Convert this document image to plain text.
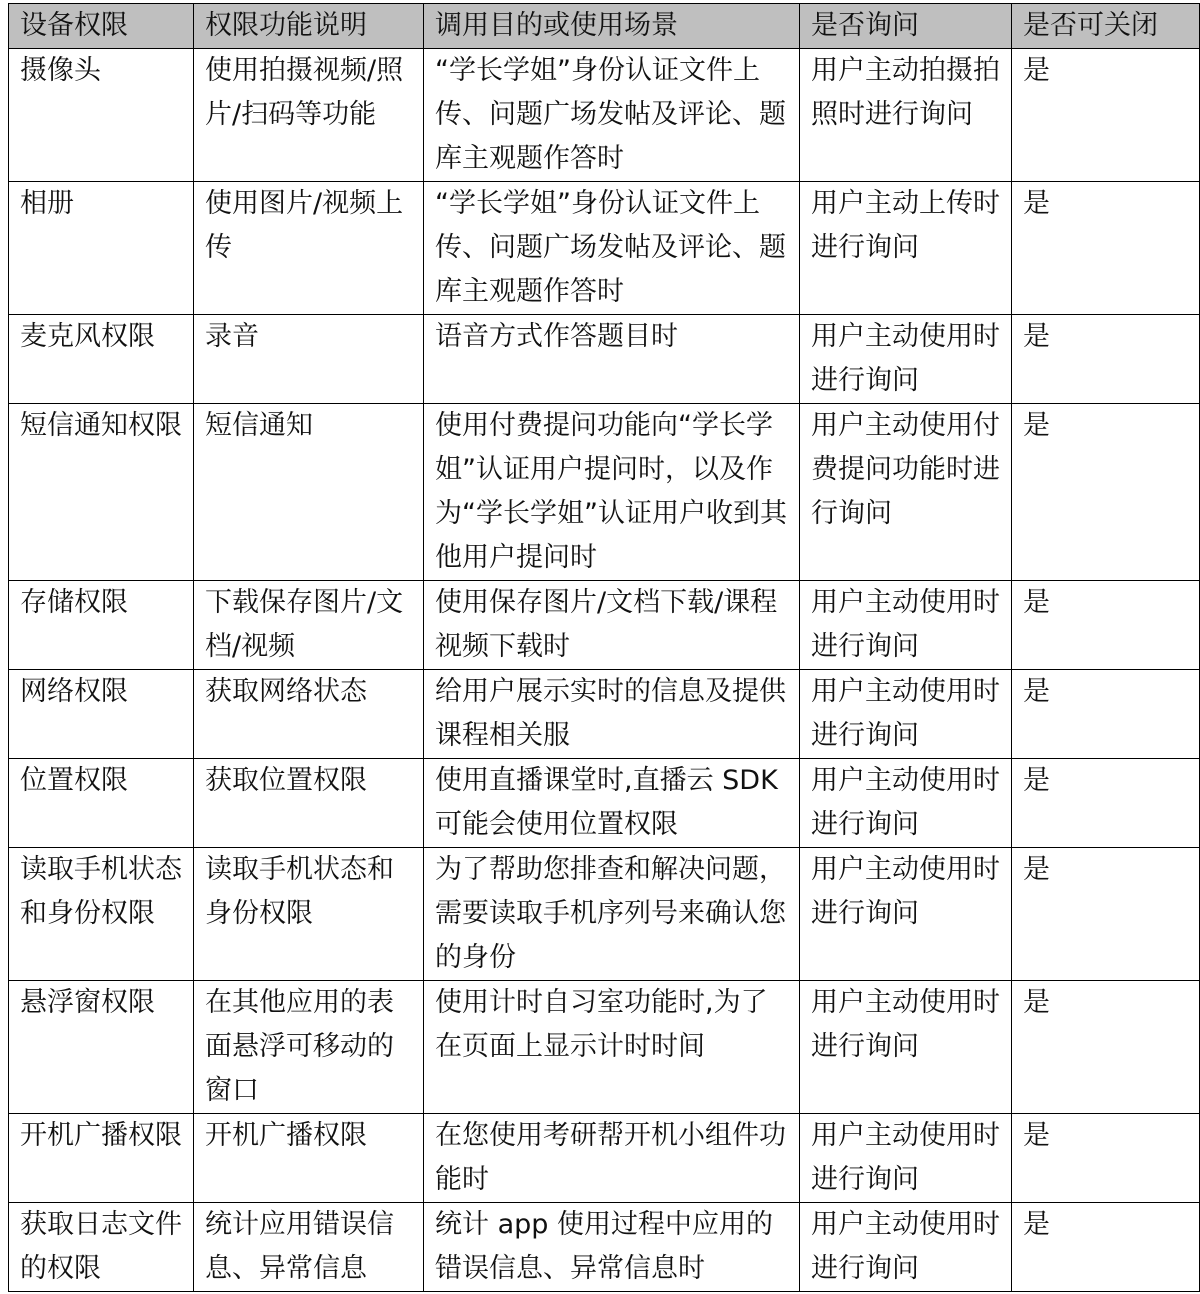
设备权限	权限功能说明	调用目的或使用场景	是否询问	是否可关闭
摄像头	使用拍摄视频/照片/扫码等功能	“学长学姐”身份认证文件上传、问题广场发帖及评论、题库主观题作答时	用户主动拍摄拍照时进行询问	是
相册	使用图片/视频上传	“学长学姐”身份认证文件上传、问题广场发帖及评论、题库主观题作答时	用户主动上传时进行询问	是
麦克风权限	录音	语音方式作答题目时	用户主动使用时进行询问	是
短信通知权限	短信通知	使用付费提问功能向“学长学姐”认证用户提问时，以及作为“学长学姐”认证用户收到其他用户提问时	用户主动使用付费提问功能时进行询问	是
存储权限	下载保存图片/文档/视频	使用保存图片/文档下载/课程视频下载时	用户主动使用时进行询问	是
网络权限	获取网络状态	给用户展示实时的信息及提供课程相关服	用户主动使用时进行询问	是
位置权限	获取位置权限	使用直播课堂时,直播云 SDK 可能会使用位置权限	用户主动使用时进行询问	是
读取手机状态和身份权限	读取手机状态和身份权限	为了帮助您排查和解决问题，需要读取手机序列号来确认您的身份	用户主动使用时进行询问	是
悬浮窗权限	在其他应用的表面悬浮可移动的窗口	使用计时自习室功能时,为了在页面上显示计时时间	用户主动使用时进行询问	是
开机广播权限	开机广播权限	在您使用考研帮开机小组件功能时	用户主动使用时进行询问	是
获取日志文件的权限	统计应用错误信息、异常信息	统计 app 使用过程中应用的错误信息、异常信息时	用户主动使用时进行询问	是
